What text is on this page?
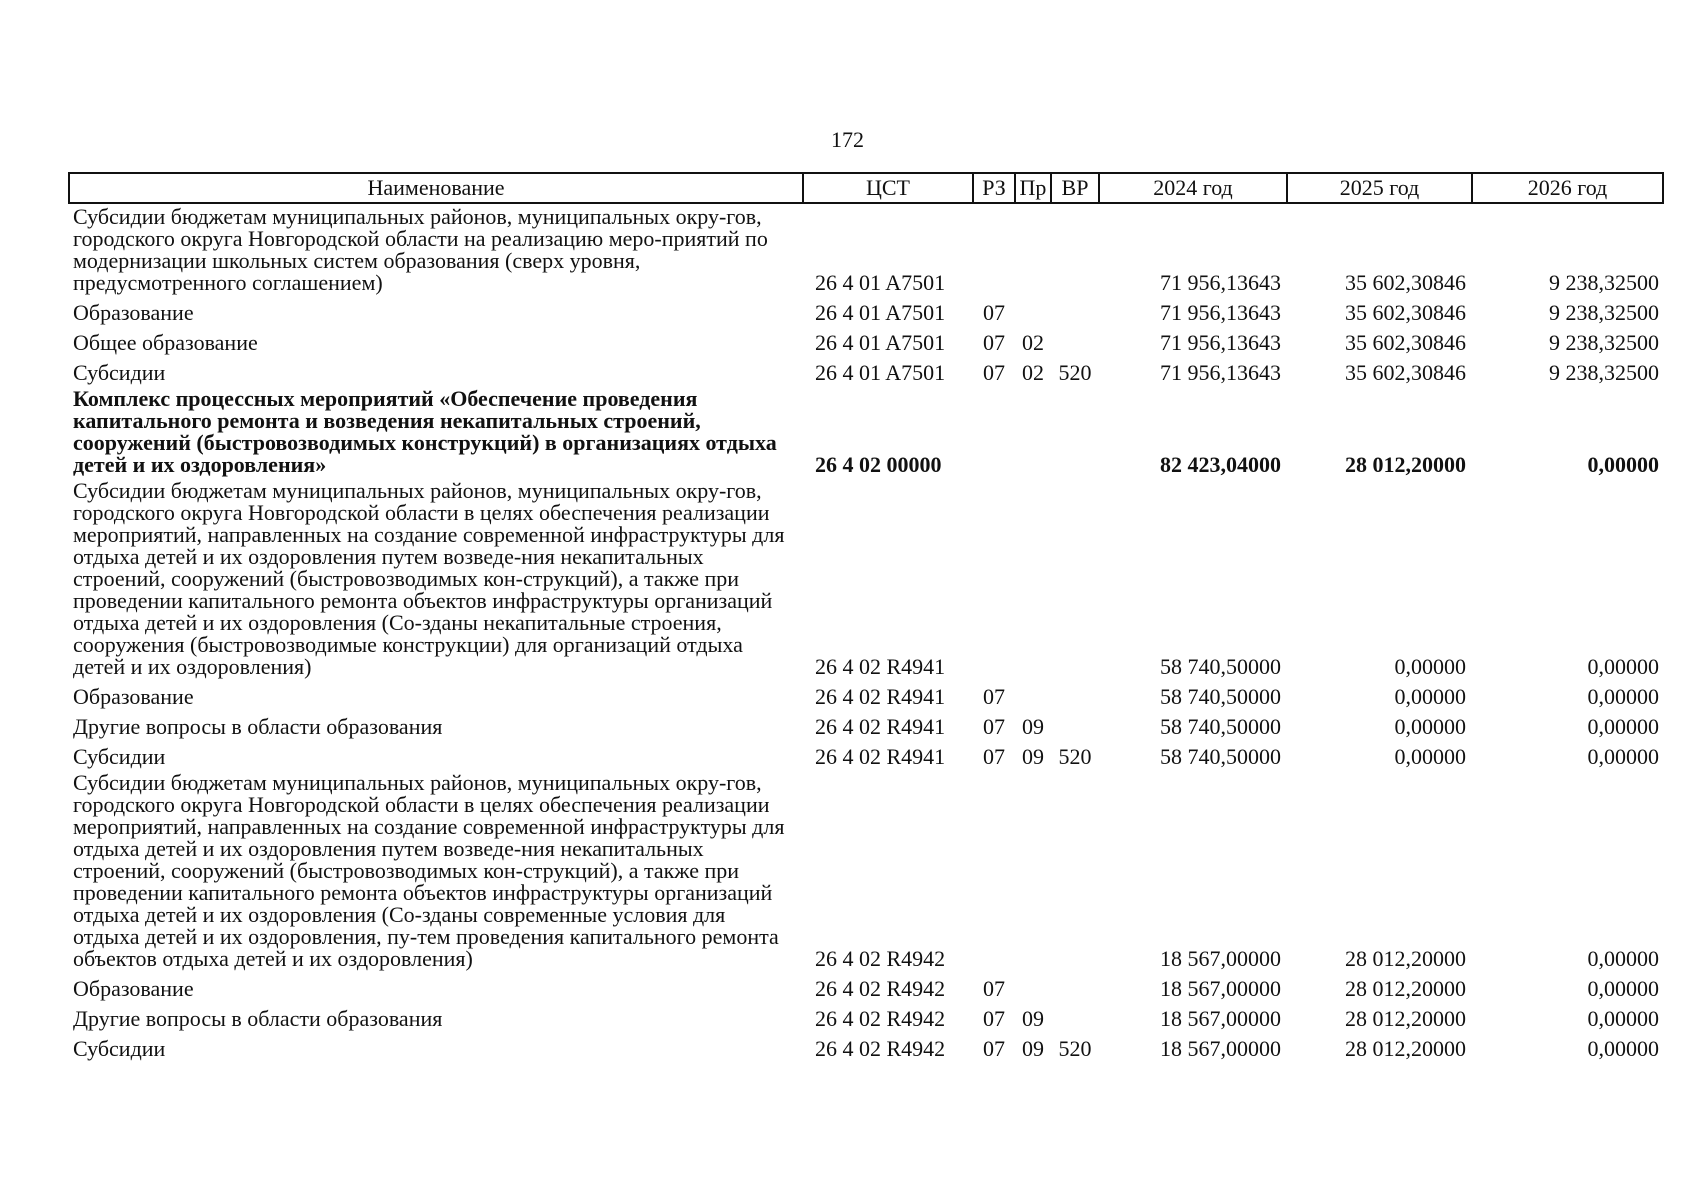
172
Наименование	ЦСТ	РЗ	Пр	ВР	2024 год	2025 год	2026 год
Субсидии бюджетам муниципальных районов, муниципальных окру-гов, городского округа Новгородской области на реализацию меро-приятий по модернизации школьных систем образования (сверх уровня, предусмотренного соглашением)	26 4 01 A7501				71 956,13643	35 602,30846	9 238,32500
Образование	26 4 01 A7501	07			71 956,13643	35 602,30846	9 238,32500
Общее образование	26 4 01 A7501	07	02		71 956,13643	35 602,30846	9 238,32500
Субсидии	26 4 01 A7501	07	02	520	71 956,13643	35 602,30846	9 238,32500
Комплекс процессных мероприятий «Обеспечение проведения капитального ремонта и возведения некапитальных строений, сооружений (быстровозводимых конструкций) в организациях отдыха детей и их оздоровления»	26 4 02 00000				82 423,04000	28 012,20000	0,00000
Субсидии бюджетам муниципальных районов, муниципальных окру-гов, городского округа Новгородской области в целях обеспечения реализации мероприятий, направленных на создание современной инфраструктуры для отдыха детей и их оздоровления путем возведе-ния некапитальных строений, сооружений (быстровозводимых кон-струкций), а также при проведении капитального ремонта объектов инфраструктуры организаций отдыха детей и их оздоровления (Со-зданы некапитальные строения, сооружения (быстровозводимые конструкции) для организаций отдыха детей и их оздоровления)	26 4 02 R4941				58 740,50000	0,00000	0,00000
Образование	26 4 02 R4941	07			58 740,50000	0,00000	0,00000
Другие вопросы в области образования	26 4 02 R4941	07	09		58 740,50000	0,00000	0,00000
Субсидии	26 4 02 R4941	07	09	520	58 740,50000	0,00000	0,00000
Субсидии бюджетам муниципальных районов, муниципальных окру-гов, городского округа Новгородской области в целях обеспечения реализации мероприятий, направленных на создание современной инфраструктуры для отдыха детей и их оздоровления путем возведе-ния некапитальных строений, сооружений (быстровозводимых кон-струкций), а также при проведении капитального ремонта объектов инфраструктуры организаций отдыха детей и их оздоровления (Со-зданы современные условия для отдыха детей и их оздоровления, пу-тем проведения капитального ремонта объектов отдыха детей и их оздоровления)	26 4 02 R4942				18 567,00000	28 012,20000	0,00000
Образование	26 4 02 R4942	07			18 567,00000	28 012,20000	0,00000
Другие вопросы в области образования	26 4 02 R4942	07	09		18 567,00000	28 012,20000	0,00000
Субсидии	26 4 02 R4942	07	09	520	18 567,00000	28 012,20000	0,00000
